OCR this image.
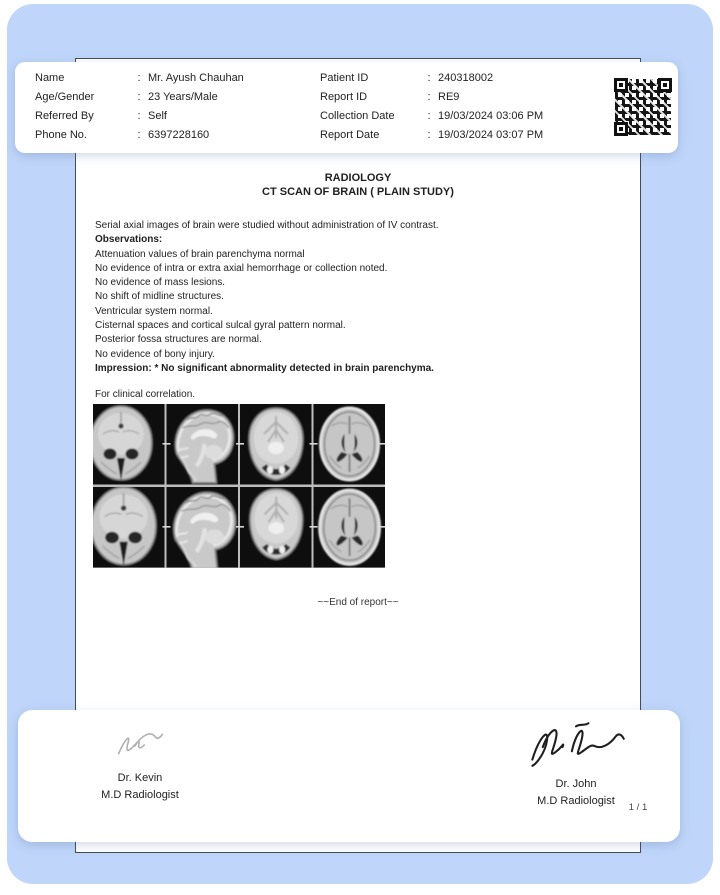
Name	: Mr. Ayush Chauhan
Age/Gender	: 23 Years/Male
Referred By	: Self
Phone No.	: 6397228160
Patient ID	: 240318002
Report ID	: RE9
Collection Date	: 19/03/2024 03:06 PM
Report Date	: 19/03/2024 03:07 PM
RADIOLOGY
CT SCAN OF BRAIN ( PLAIN STUDY)

Serial axial images of brain were studied without administration of IV contrast.

Observations:

Attenuation values of brain parenchyma normal

No evidence of intra or extra axial hemorrhage or collection noted.

No evidence of mass lesions.

No shift of midline structures.

Ventricular system normal.

Cisternal spaces and cortical sulcal gyral pattern normal.

Posterior fossa structures are normal.

No evidence of bony injury.

Impression: * No significant abnormality detected in brain parenchyma.

For clinical correlation.

~~End of report~~
Dr. Kevin
M.D Radiologist
Dr. John
M.D Radiologist
1 / 1
